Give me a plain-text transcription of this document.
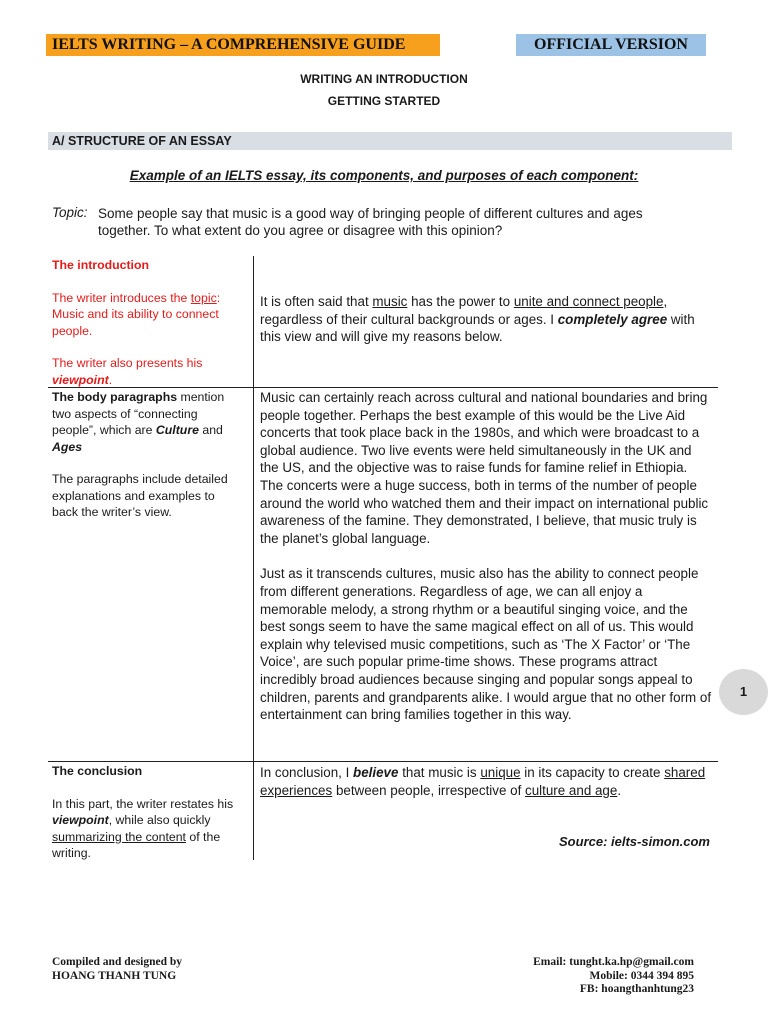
IELTS WRITING – A COMPREHENSIVE GUIDE	OFFICIAL VERSION
WRITING AN INTRODUCTION
GETTING STARTED
A/ STRUCTURE OF AN ESSAY
Example of an IELTS essay, its components, and purposes of each component:
Topic: Some people say that music is a good way of bringing people of different cultures and ages together. To what extent do you agree or disagree with this opinion?
The introduction
The writer introduces the topic: Music and its ability to connect people.
The writer also presents his viewpoint.
It is often said that music has the power to unite and connect people, regardless of their cultural backgrounds or ages. I completely agree with this view and will give my reasons below.
The body paragraphs mention two aspects of “connecting people”, which are Culture and Ages
The paragraphs include detailed explanations and examples to back the writer’s view.
Music can certainly reach across cultural and national boundaries and bring people together. Perhaps the best example of this would be the Live Aid concerts that took place back in the 1980s, and which were broadcast to a global audience. Two live events were held simultaneously in the UK and the US, and the objective was to raise funds for famine relief in Ethiopia. The concerts were a huge success, both in terms of the number of people around the world who watched them and their impact on international public awareness of the famine. They demonstrated, I believe, that music truly is the planet’s global language.
Just as it transcends cultures, music also has the ability to connect people from different generations. Regardless of age, we can all enjoy a memorable melody, a strong rhythm or a beautiful singing voice, and the best songs seem to have the same magical effect on all of us. This would explain why televised music competitions, such as ‘The X Factor’ or ‘The Voice’, are such popular prime-time shows. These programs attract incredibly broad audiences because singing and popular songs appeal to children, parents and grandparents alike. I would argue that no other form of entertainment can bring families together in this way.
1
The conclusion
In this part, the writer restates his viewpoint, while also quickly summarizing the content of the writing.
In conclusion, I believe that music is unique in its capacity to create shared experiences between people, irrespective of culture and age.
Source: ielts-simon.com
Compiled and designed by
HOANG THANH TUNG
Email: tunght.ka.hp@gmail.com
Mobile: 0344 394 895
FB: hoangthanhtung23
